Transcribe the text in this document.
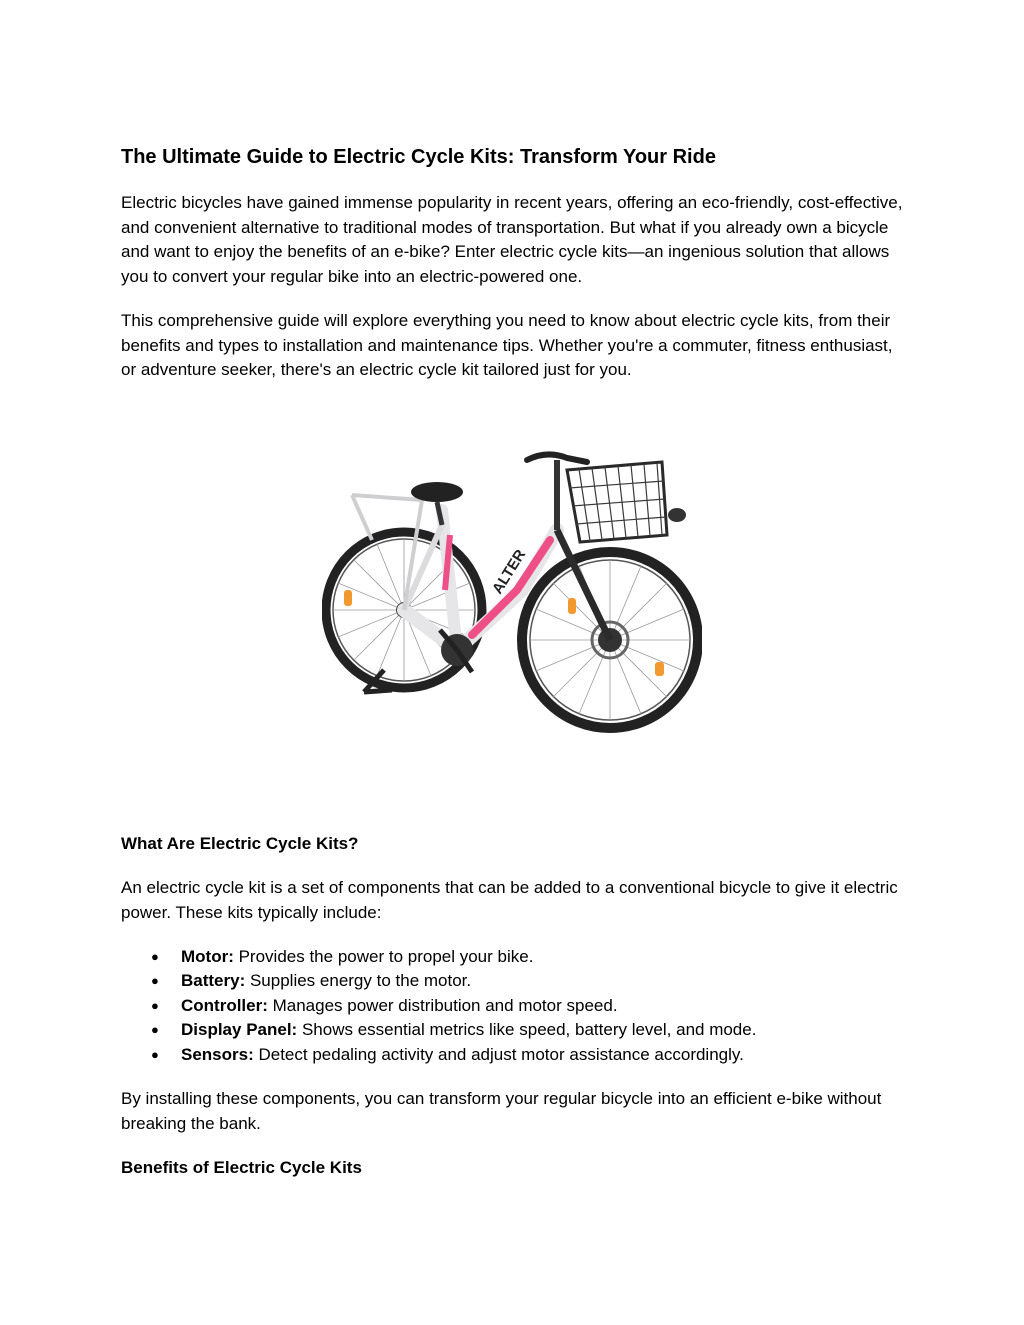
The Ultimate Guide to Electric Cycle Kits: Transform Your Ride

Electric bicycles have gained immense popularity in recent years, offering an eco-friendly, cost-effective, and convenient alternative to traditional modes of transportation. But what if you already own a bicycle and want to enjoy the benefits of an e-bike? Enter electric cycle kits—an ingenious solution that allows you to convert your regular bike into an electric-powered one.

This comprehensive guide will explore everything you need to know about electric cycle kits, from their benefits and types to installation and maintenance tips. Whether you're a commuter, fitness enthusiast, or adventure seeker, there's an electric cycle kit tailored just for you.

What Are Electric Cycle Kits?

An electric cycle kit is a set of components that can be added to a conventional bicycle to give it electric power. These kits typically include:

● Motor: Provides the power to propel your bike.
● Battery: Supplies energy to the motor.
● Controller: Manages power distribution and motor speed.
● Display Panel: Shows essential metrics like speed, battery level, and mode.
● Sensors: Detect pedaling activity and adjust motor assistance accordingly.

By installing these components, you can transform your regular bicycle into an efficient e-bike without breaking the bank.

Benefits of Electric Cycle Kits
ALTER
